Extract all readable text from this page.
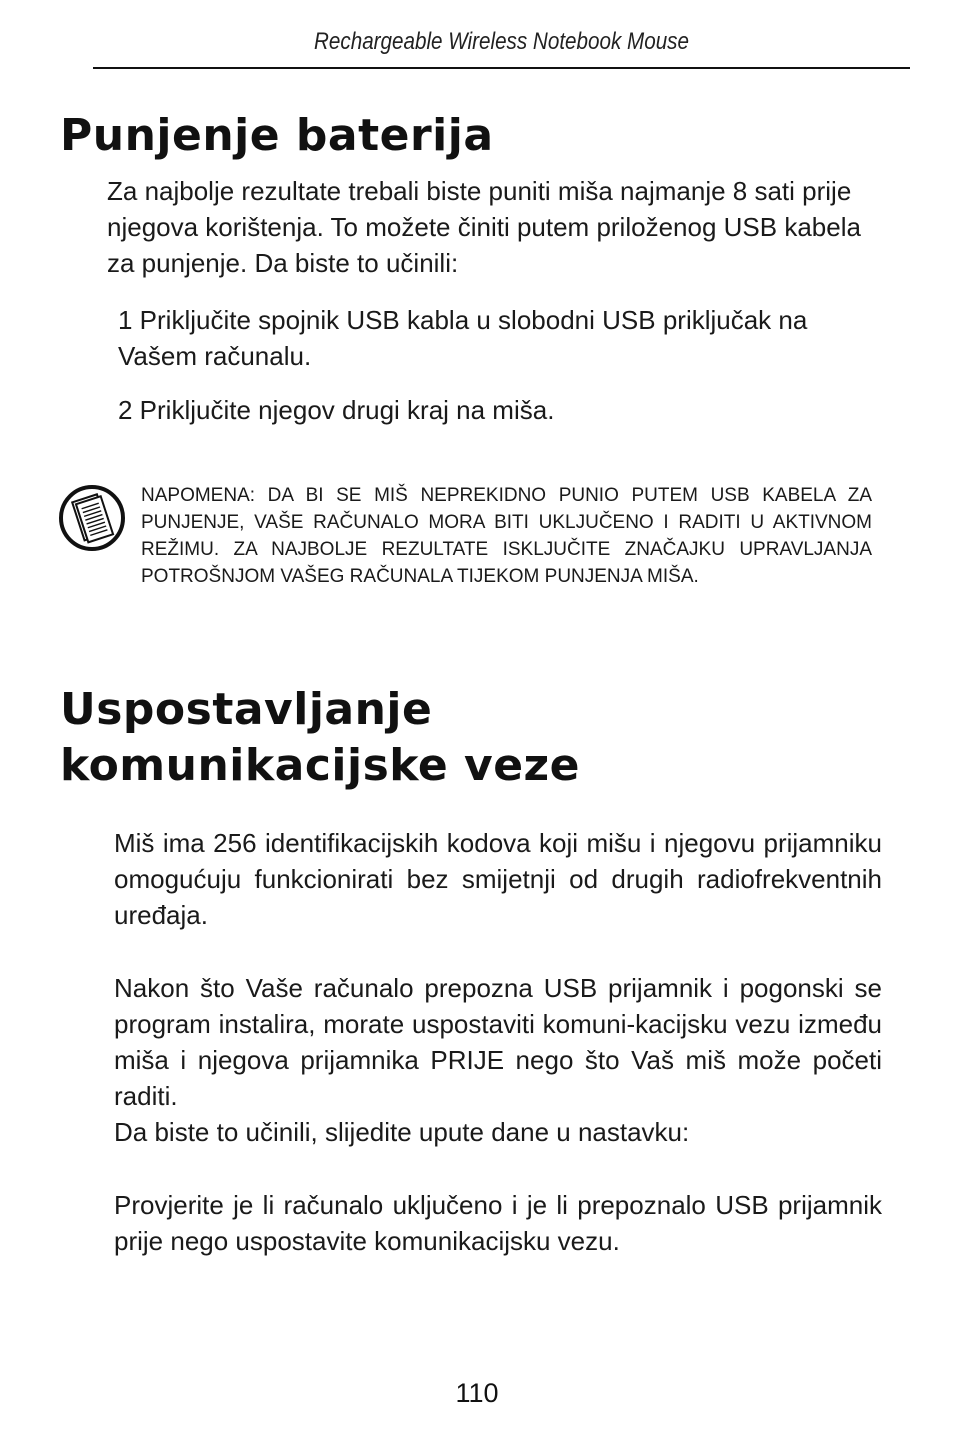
Rechargeable Wireless Notebook Mouse
Punjenje baterija

Za najbolje rezultate trebali biste puniti miša najmanje 8 sati prije njegova korištenja. To možete činiti putem priloženog USB kabela za punjenje. Da biste to učinili:

1 Priključite spojnik USB kabla u slobodni USB priključak na Vašem računalu.

2 Priključite njegov drugi kraj na miša.

NAPOMENA: DA BI SE MIŠ NEPREKIDNO PUNIO PUTEM USB KABELA ZA PUNJENJE, VAŠE RAČUNALO MORA BITI UKLJUČENO I RADITI U AKTIVNOM REŽIMU. ZA NAJBOLJE REZULTATE ISKLJUČITE ZNAČAJKU UPRAVLJANJA POTROŠNJOM VAŠEG RAČUNALA TIJEKOM PUNJENJA MIŠA.

Uspostavljanje
komunikacijske veze

Miš ima 256 identifikacijskih kodova koji mišu i njegovu prijamniku omogućuju funkcionirati bez smijetnji od drugih radiofrekventnih uređaja.

Nakon što Vaše računalo prepozna USB prijamnik i pogonski se program instalira, morate uspostaviti komuni-kacijsku vezu između miša i njegova prijamnika PRIJE nego što Vaš miš može početi raditi.

Da biste to učinili, slijedite upute dane u nastavku:

Provjerite je li računalo uključeno i je li prepoznalo USB prijamnik prije nego uspostavite komunikacijsku vezu.

110
